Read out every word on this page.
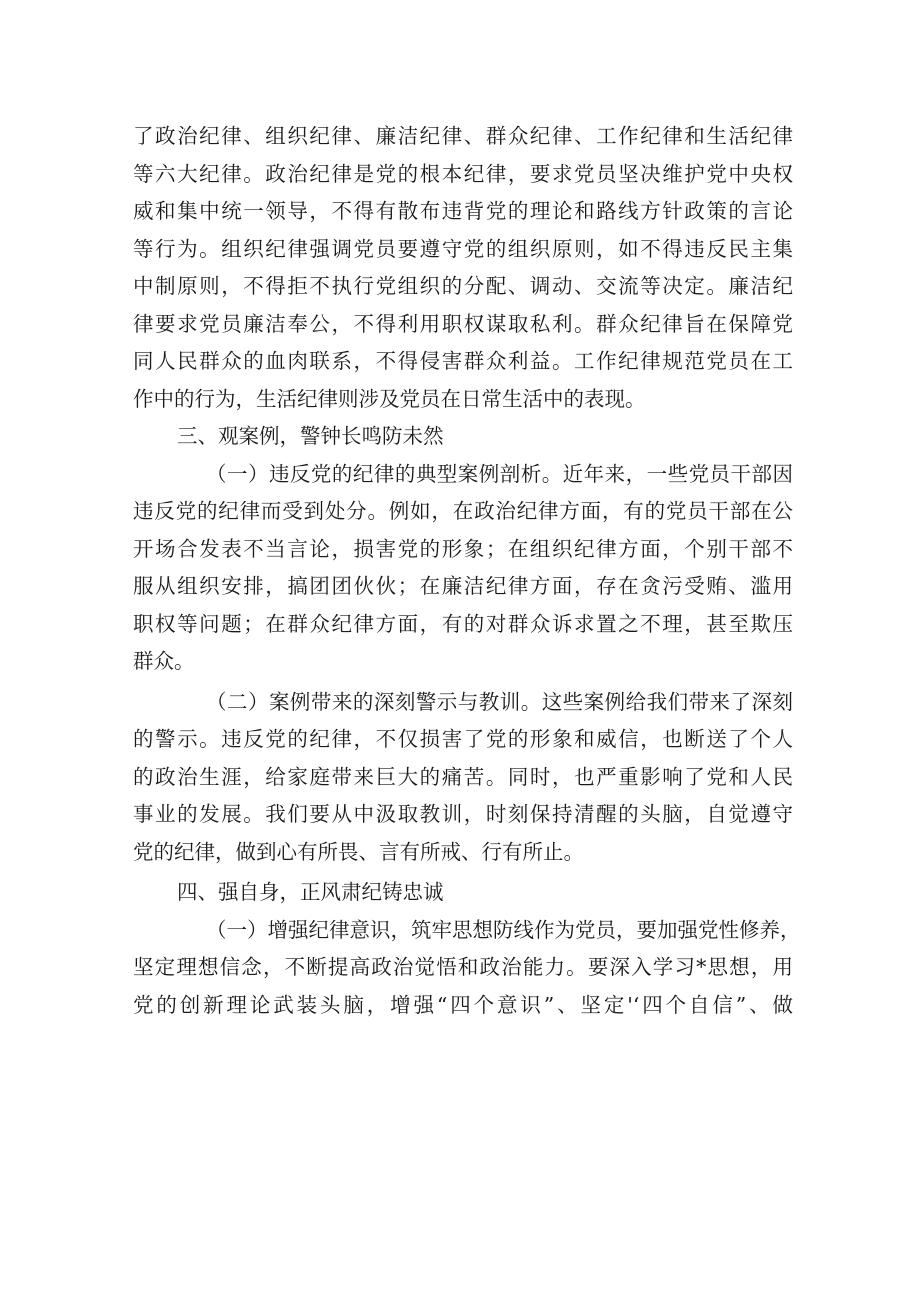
了政治纪律、组织纪律、廉洁纪律、群众纪律、工作纪律和生活纪律
等六大纪律。政治纪律是党的根本纪律，要求党员坚决维护党中央权
威和集中统一领导，不得有散布违背党的理论和路线方针政策的言论
等行为。组织纪律强调党员要遵守党的组织原则，如不得违反民主集
中制原则，不得拒不执行党组织的分配、调动、交流等决定。廉洁纪
律要求党员廉洁奉公，不得利用职权谋取私利。群众纪律旨在保障党
同人民群众的血肉联系，不得侵害群众利益。工作纪律规范党员在工
作中的行为，生活纪律则涉及党员在日常生活中的表现。
三、观案例，警钟长鸣防未然
（一）违反党的纪律的典型案例剖析。近年来，一些党员干部因
违反党的纪律而受到处分。例如，在政治纪律方面，有的党员干部在公
开场合发表不当言论，损害党的形象；在组织纪律方面，个别干部不
服从组织安排，搞团团伙伙；在廉洁纪律方面，存在贪污受贿、滥用
职权等问题；在群众纪律方面，有的对群众诉求置之不理，甚至欺压
群众。
（二）案例带来的深刻警示与教训。这些案例给我们带来了深刻
的警示。违反党的纪律，不仅损害了党的形象和威信，也断送了个人
的政治生涯，给家庭带来巨大的痛苦。同时，也严重影响了党和人民
事业的发展。我们要从中汲取教训，时刻保持清醒的头脑，自觉遵守
党的纪律，做到心有所畏、言有所戒、行有所止。
四、强自身，正风肃纪铸忠诚
（一）增强纪律意识，筑牢思想防线作为党员，要加强党性修养，
坚定理想信念，不断提高政治觉悟和政治能力。要深入学习*思想，用
党的创新理论武装头脑，增强“四个意识”、坚定'‘四个自信”、做
